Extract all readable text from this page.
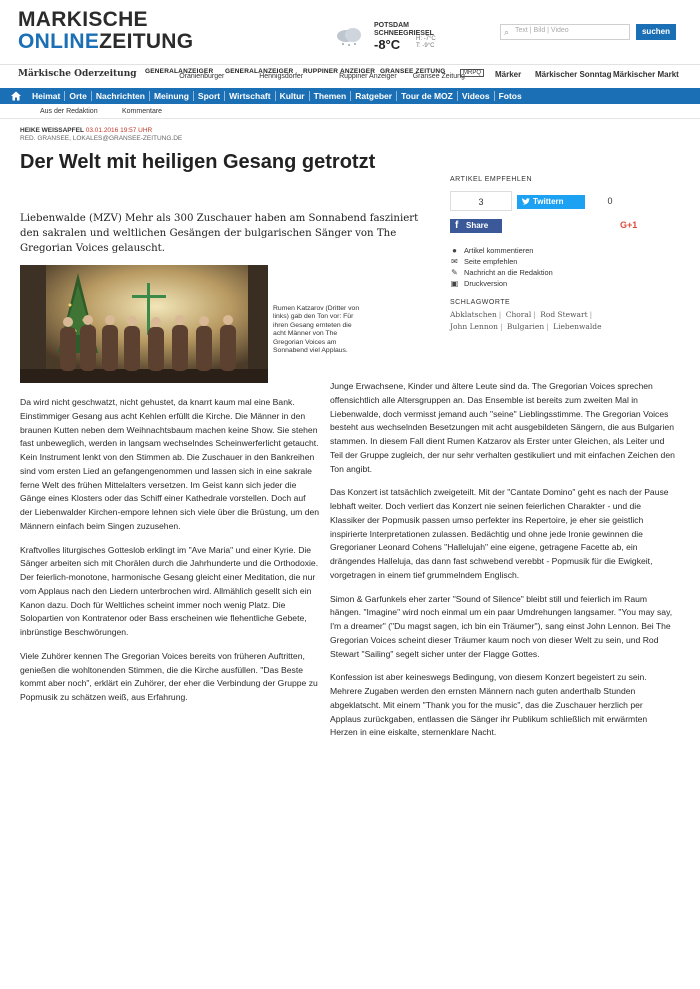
MARKISCHE
ONLINEZEITUNG
POTSDAM
SCHNEEGRIESEL
-8°C	H: -7°C
T: -9°C
⌕ Text | Bild | Video	suchen
Märkische Oderzeitung	Oranienburger
GENERALANZEIGER
Hennigsdorfer
GENERALANZEIGER
Ruppiner Anzeiger
RUPPINER ANZEIGER
Gransee Zeitung
GRANSEE ZEITUNG	MRPQ	Märker Märkischer Sonntag Märkischer Markt
Heimat	Orte	Nachrichten	Meinung	Sport	Wirtschaft	Kultur	Themen	Ratgeber	Tour de MOZ	Videos	Fotos
Aus der Redaktion	Kommentare
HEIKE WEISSAPFEL 03.01.2016 19:57 UHR
RED. GRANSEE, LOKALES@GRANSEE-ZEITUNG.DE
Der Welt mit heiligen Gesang getrotzt
Liebenwalde (MZV) Mehr als 300 Zuschauer haben am Sonnabend fasziniert den sakralen und weltlichen Gesängen der bulgarischen Sänger von The Gregorian Voices gelauscht.
Rumen Katzarov (Dritter von links) gab den Ton vor: Für ihren Gesang ernteten die acht Männer von The Gregorian Voices am Sonnabend viel Applaus.

Da wird nicht geschwatzt, nicht gehustet, da knarrt kaum mal eine Bank. Einstimmiger Gesang aus acht Kehlen erfüllt die Kirche. Die Männer in den braunen Kutten neben dem Weihnachtsbaum machen keine Show. Sie stehen fast unbeweglich, werden in langsam wechselndes Scheinwerferlicht getaucht. Kein Instrument lenkt von den Stimmen ab. Die Zuschauer in den Bankreihen sind vom ersten Lied an gefangengenommen und lassen sich in eine sakrale ferne Welt des frühen Mittelalters versetzen. Im Geist kann sich jeder die Gänge eines Klosters oder das Schiff einer Kathedrale vorstellen. Doch auf der Liebenwalder Kirchen-empore lehnen sich viele über die Brüstung, um den Männern einfach beim Singen zuzusehen.

Kraftvolles liturgisches Gotteslob erklingt im "Ave Maria" und einer Kyrie. Die Sänger arbeiten sich mit Chorälen durch die Jahrhunderte und die Orthodoxie. Der feierlich-monotone, harmonische Gesang gleicht einer Meditation, die nur vom Applaus nach den Liedern unterbrochen wird. Allmählich gesellt sich ein Kanon dazu. Doch für Weltliches scheint immer noch wenig Platz. Die Solopartien von Kontratenor oder Bass erscheinen wie flehentliche Gebete, inbrünstige Beschwörungen.

Viele Zuhörer kennen The Gregorian Voices bereits von früheren Auftritten, genießen die wohltonenden Stimmen, die die Kirche ausfüllen. "Das Beste kommt aber noch", erklärt ein Zuhörer, der eher die Verbindung der Gruppe zu Popmusik zu schätzen weiß, aus Erfahrung.

Junge Erwachsene, Kinder und ältere Leute sind da. The Gregorian Voices sprechen offensichtlich alle Altersgruppen an. Das Ensemble ist bereits zum zweiten Mal in Liebenwalde, doch vermisst jemand auch "seine" Lieblingsstimme. The Gregorian Voices besteht aus wechselnden Besetzungen mit acht ausgebildeten Sängern, die aus Bulgarien stammen. In diesem Fall dient Rumen Katzarov als Erster unter Gleichen, als Leiter und Teil der Gruppe zugleich, der nur sehr verhalten gestikuliert und mit einfachen Zeichen den Ton angibt.

Das Konzert ist tatsächlich zweigeteilt. Mit der "Cantate Domino" geht es nach der Pause lebhaft weiter. Doch verliert das Konzert nie seinen feierlichen Charakter - und die Klassiker der Popmusik passen umso perfekter ins Repertoire, je eher sie geistlich inspirierte Interpretationen zulassen. Bedächtig und ohne jede Ironie gewinnen die Gregorianer Leonard Cohens "Hallelujah" eine eigene, getragene Facette ab, ein drängendes Halleluja, das dann fast schwebend verebbt - Popmusik für die Ewigkeit, vorgetragen in einem tief grummelndem Englisch.

Simon & Garfunkels eher zarter "Sound of Silence" bleibt still und feierlich im Raum hängen. "Imagine" wird noch einmal um ein paar Umdrehungen langsamer. "You may say, I'm a dreamer" ("Du magst sagen, ich bin ein Träumer"), sang einst John Lennon. Bei The Gregorian Voices scheint dieser Träumer kaum noch von dieser Welt zu sein, und Rod Stewart "Sailing" segelt sicher unter der Flagge Gottes.

Konfession ist aber keineswegs Bedingung, von diesem Konzert begeistert zu sein. Mehrere Zugaben werden den ernsten Männern nach guten anderthalb Stunden abgeklatscht. Mit einem "Thank you for the music", das die Zuschauer herzlich per Applaus zurückgaben, entlassen die Sänger ihr Publikum schließlich mit erwärmten Herzen in eine eiskalte, sternenklare Nacht.

ARTIKEL EMPFEHLEN
3	Twittern	0
f Share	G+1
● Artikel kommentieren
✉ Seite empfehlen
✎ Nachricht an die Redaktion
▣ Druckversion
SCHLAGWORTE
Abklatschen | Choral | Rod Stewart | John Lennon | Bulgarien | Liebenwalde
